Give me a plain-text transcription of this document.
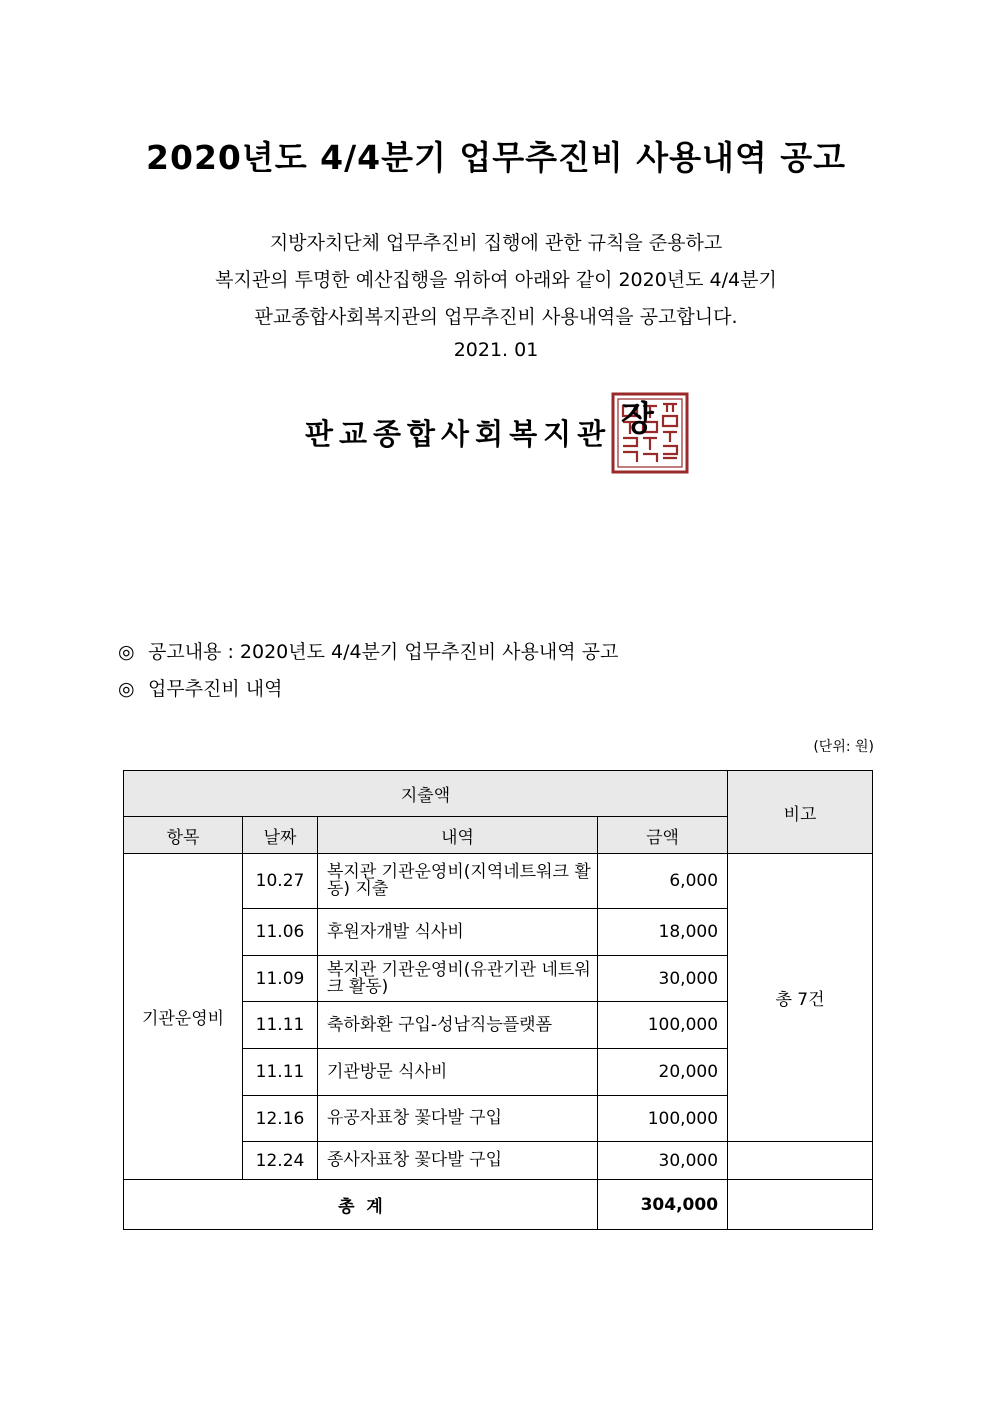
2020년도 4/4분기 업무추진비 사용내역 공고
지방자치단체 업무추진비 집행에 관한 규칙을 준용하고
복지관의 투명한 예산집행을 위하여 아래와 같이 2020년도 4/4분기
판교종합사회복지관의 업무추진비 사용내역을 공고합니다.
2021. 01
판교종합사회복지관 장
◎ 공고내용 : 2020년도 4/4분기 업무추진비 사용내역 공고
◎ 업무추진비 내역
(단위: 원)
지출액				비고
항목	날짜	내역	금액	
기관운영비	10.27	복지관 기관운영비(지역네트워크 활동) 지출	6,000	총 7건
	11.06	후원자개발 식사비	18,000	
	11.09	복지관 기관운영비(유관기관 네트워크 활동)	30,000	
	11.11	축하화환 구입-성남직능플랫폼	100,000	
	11.11	기관방문 식사비	20,000	
	12.16	유공자표창 꽃다발 구입	100,000	
	12.24	종사자표창 꽃다발 구입	30,000	
총  계			304,000	
